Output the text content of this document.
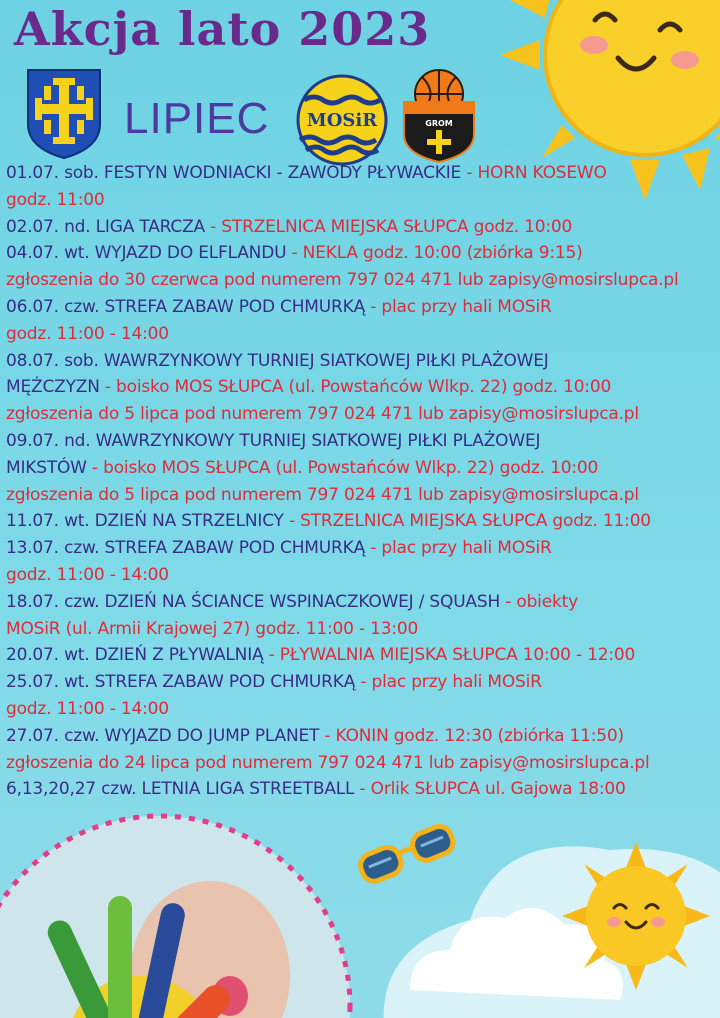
Akcja lato 2023
LIPIEC MOSiR	GROM
01.07. sob. FESTYN WODNIACKI - ZAWODY PŁYWACKIE - HORN KOSEWO
godz. 11:00
02.07. nd. LIGA TARCZA - STRZELNICA MIEJSKA SŁUPCA godz. 10:00
04.07. wt. WYJAZD DO ELFLANDU - NEKLA godz. 10:00 (zbiórka 9:15)
zgłoszenia do 30 czerwca pod numerem 797 024 471 lub zapisy@mosirslupca.pl
06.07. czw. STREFA ZABAW POD CHMURKĄ - plac przy hali MOSiR
godz. 11:00 - 14:00
08.07. sob. WAWRZYNKOWY TURNIEJ SIATKOWEJ PIŁKI PLAŻOWEJ
MĘŻCZYZN - boisko MOS SŁUPCA (ul. Powstańców Wlkp. 22) godz. 10:00
zgłoszenia do 5 lipca pod numerem 797 024 471 lub zapisy@mosirslupca.pl
09.07. nd. WAWRZYNKOWY TURNIEJ SIATKOWEJ PIŁKI PLAŻOWEJ
MIKSTÓW - boisko MOS SŁUPCA (ul. Powstańców Wlkp. 22) godz. 10:00
zgłoszenia do 5 lipca pod numerem 797 024 471 lub zapisy@mosirslupca.pl
11.07. wt. DZIEŃ NA STRZELNICY - STRZELNICA MIEJSKA SŁUPCA godz. 11:00
13.07. czw. STREFA ZABAW POD CHMURKĄ - plac przy hali MOSiR
godz. 11:00 - 14:00
18.07. czw. DZIEŃ NA ŚCIANCE WSPINACZKOWEJ / SQUASH - obiekty
MOSiR (ul. Armii Krajowej 27) godz. 11:00 - 13:00
20.07. wt. DZIEŃ Z PŁYWALNIĄ - PŁYWALNIA MIEJSKA SŁUPCA 10:00 - 12:00
25.07. wt. STREFA ZABAW POD CHMURKĄ - plac przy hali MOSiR
godz. 11:00 - 14:00
27.07. czw. WYJAZD DO JUMP PLANET - KONIN godz. 12:30 (zbiórka 11:50)
zgłoszenia do 24 lipca pod numerem 797 024 471 lub zapisy@mosirslupca.pl
6,13,20,27 czw. LETNIA LIGA STREETBALL - Orlik SŁUPCA ul. Gajowa 18:00
